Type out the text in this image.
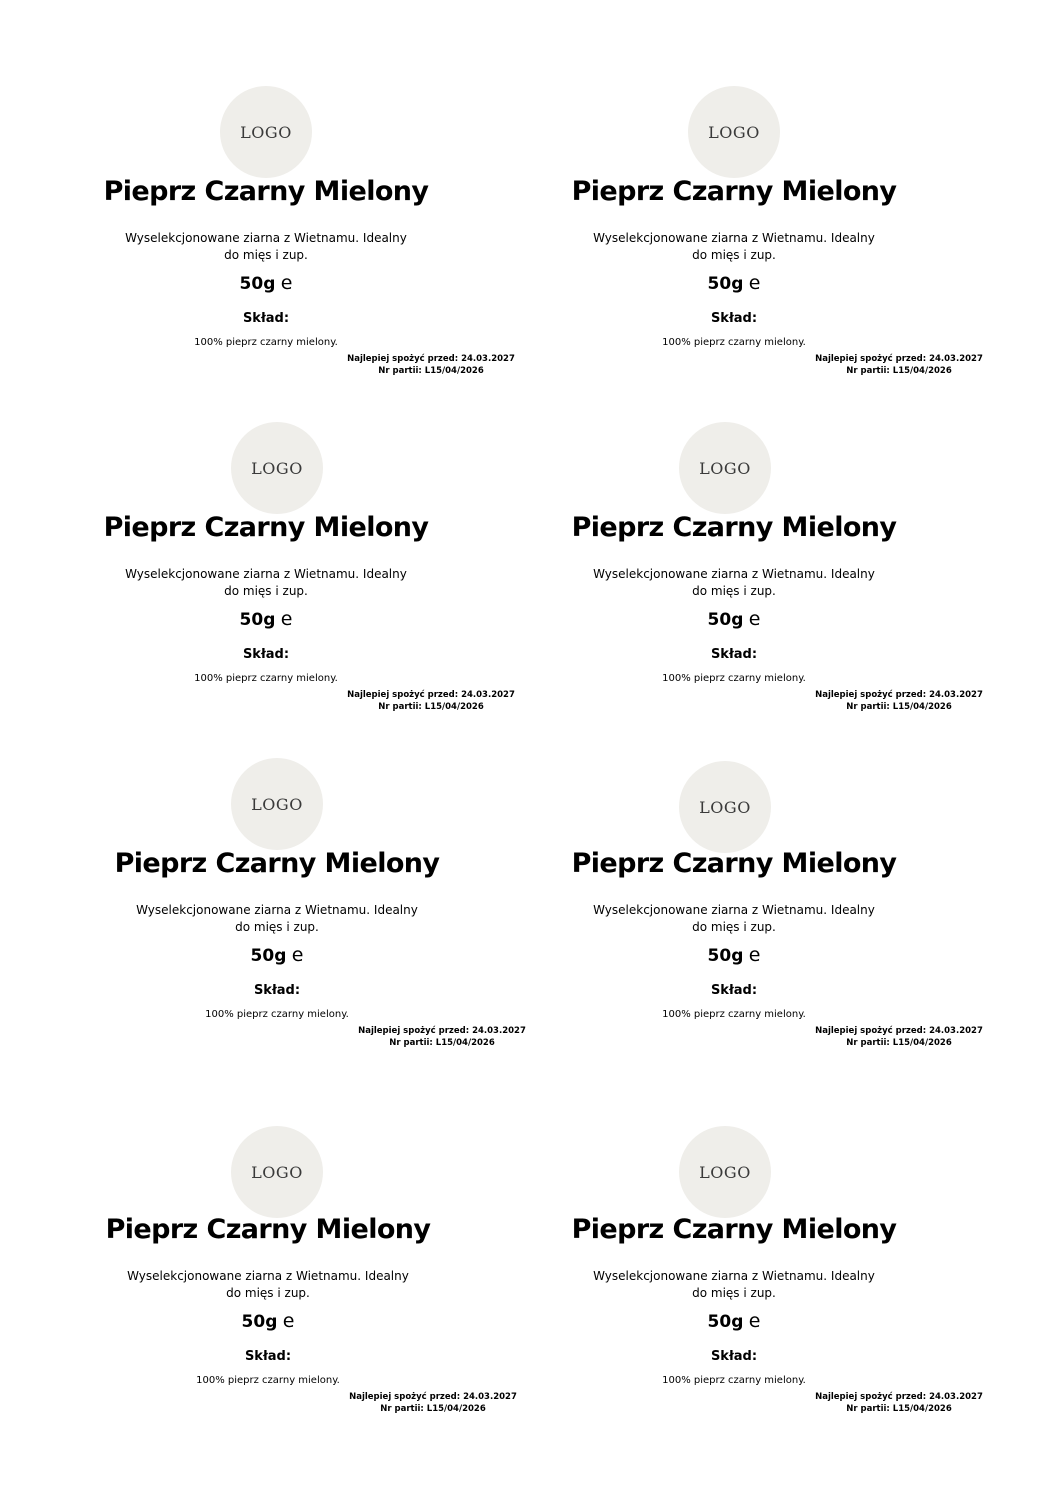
LOGO
Pieprz Czarny Mielony
Wyselekcjonowane ziarna z Wietnamu. Idealny do mięs i zup.
50g e
Skład:
100% pieprz czarny mielony.
Najlepiej spożyć przed: 24.03.2027
Nr partii: L15/04/2026
LOGO
Pieprz Czarny Mielony
Wyselekcjonowane ziarna z Wietnamu. Idealny do mięs i zup.
50g e
Skład:
100% pieprz czarny mielony.
Najlepiej spożyć przed: 24.03.2027
Nr partii: L15/04/2026
LOGO
Pieprz Czarny Mielony
Wyselekcjonowane ziarna z Wietnamu. Idealny do mięs i zup.
50g e
Skład:
100% pieprz czarny mielony.
Najlepiej spożyć przed: 24.03.2027
Nr partii: L15/04/2026
LOGO
Pieprz Czarny Mielony
Wyselekcjonowane ziarna z Wietnamu. Idealny do mięs i zup.
50g e
Skład:
100% pieprz czarny mielony.
Najlepiej spożyć przed: 24.03.2027
Nr partii: L15/04/2026
LOGO
Pieprz Czarny Mielony
Wyselekcjonowane ziarna z Wietnamu. Idealny do mięs i zup.
50g e
Skład:
100% pieprz czarny mielony.
Najlepiej spożyć przed: 24.03.2027
Nr partii: L15/04/2026
LOGO
Pieprz Czarny Mielony
Wyselekcjonowane ziarna z Wietnamu. Idealny do mięs i zup.
50g e
Skład:
100% pieprz czarny mielony.
Najlepiej spożyć przed: 24.03.2027
Nr partii: L15/04/2026
LOGO
Pieprz Czarny Mielony
Wyselekcjonowane ziarna z Wietnamu. Idealny do mięs i zup.
50g e
Skład:
100% pieprz czarny mielony.
Najlepiej spożyć przed: 24.03.2027
Nr partii: L15/04/2026
LOGO
Pieprz Czarny Mielony
Wyselekcjonowane ziarna z Wietnamu. Idealny do mięs i zup.
50g e
Skład:
100% pieprz czarny mielony.
Najlepiej spożyć przed: 24.03.2027
Nr partii: L15/04/2026
